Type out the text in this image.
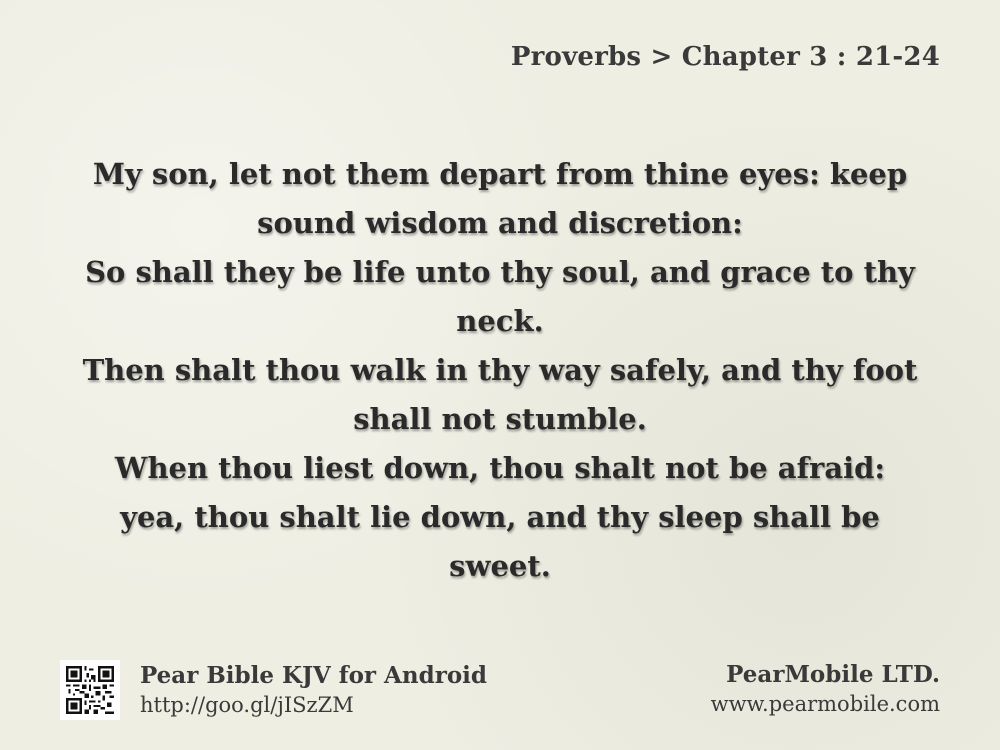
Proverbs > Chapter 3 : 21-24
My son, let not them depart from thine eyes: keep sound wisdom and discretion:
So shall they be life unto thy soul, and grace to thy neck.
Then shalt thou walk in thy way safely, and thy foot shall not stumble.
When thou liest down, thou shalt not be afraid: yea, thou shalt lie down, and thy sleep shall be sweet.
Pear Bible KJV for Android
http://goo.gl/jISzZM
PearMobile LTD.
www.pearmobile.com
